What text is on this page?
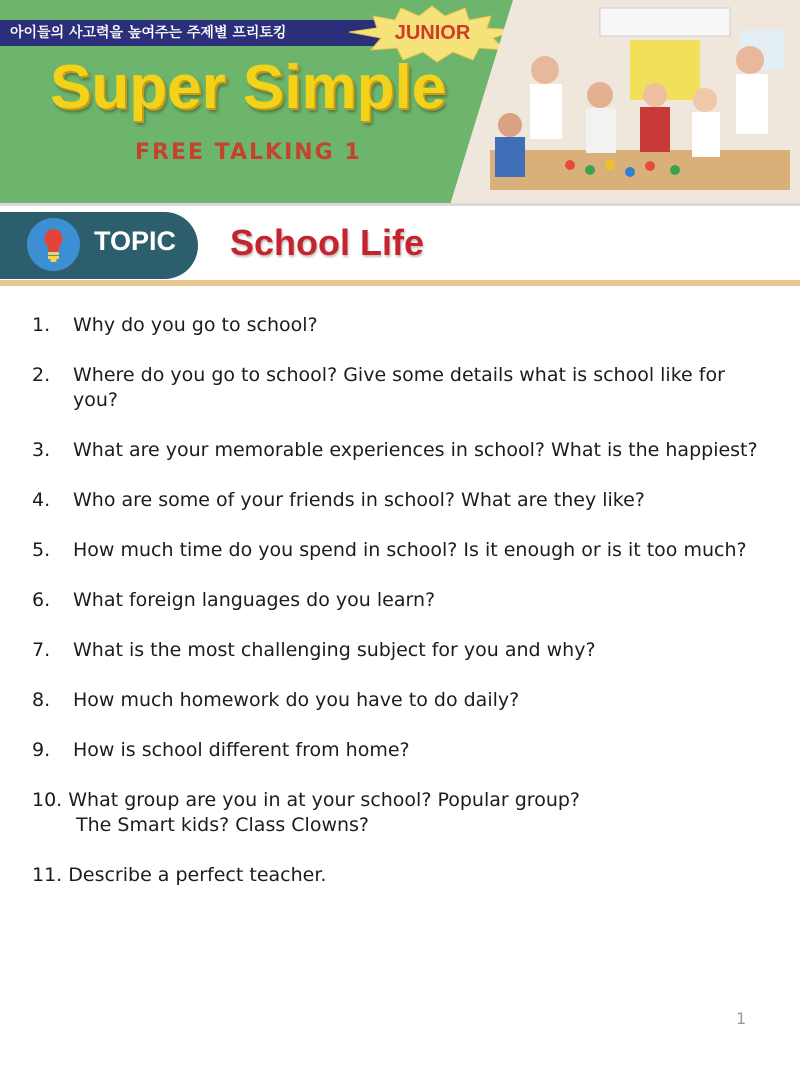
아이들의 사고력을 높여주는 주제별 프리토킹	JUNIOR
Super Simple
FREE TALKING 1
TOPIC School Life
1. Why do you go to school?
2. Where do you go to school? Give some details what is school like for you?
3. What are your memorable experiences in school? What is the happiest?
4. Who are some of your friends in school? What are they like?
5. How much time do you spend in school? Is it enough or is it too much?
6. What foreign languages do you learn?
7. What is the most challenging subject for you and why?
8. How much homework do you have to do daily?
9. How is school different from home?
10. What group are you in at your school? Popular group?
The Smart kids? Class Clowns?
11. Describe a perfect teacher.
1
